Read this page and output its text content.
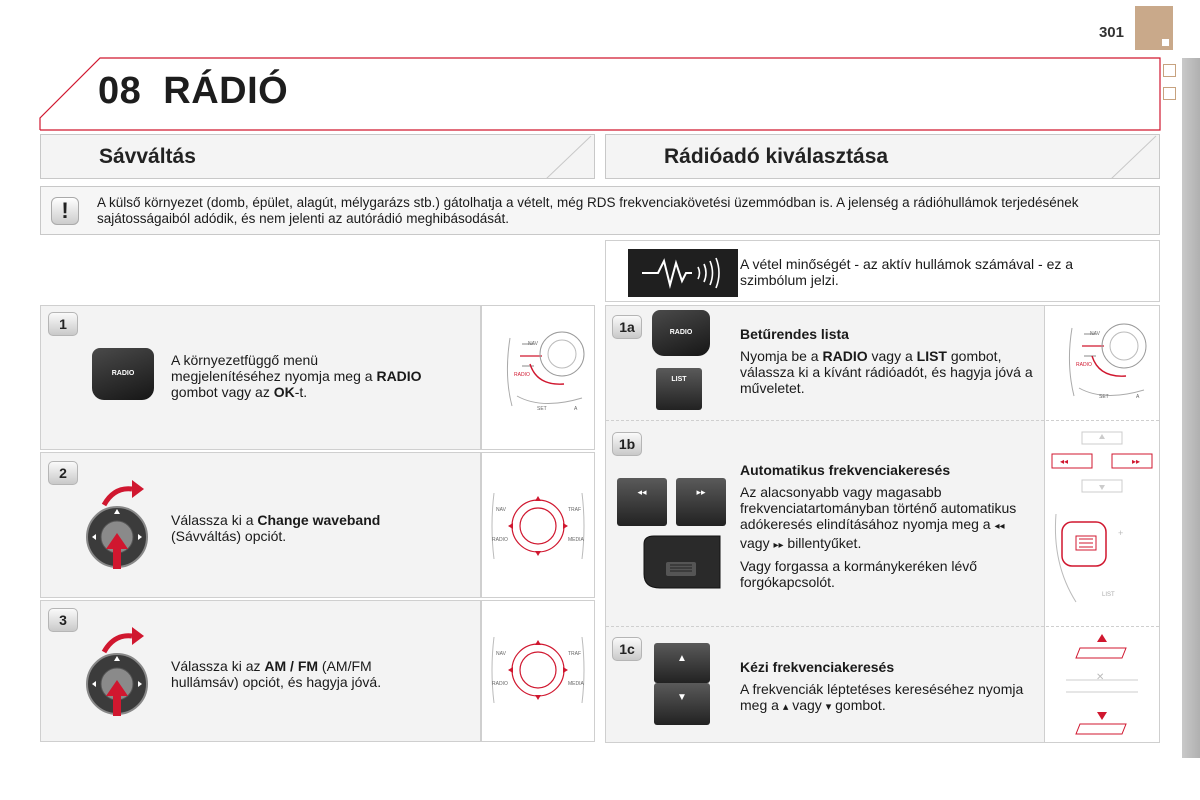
301
08 RÁDIÓ
Sávváltás	Rádióadó kiválasztása
!	A külső környezet (domb, épület, alagút, mélygarázs stb.) gátolhatja a vételt, még RDS frekvenciakövetési üzemmódban is. A jelenség a rádióhullámok terjedésének sajátosságaiból adódik, és nem jelenti az autórádió meghibásodását.
A vétel minőségét - az aktív hullámok számával - ez a szimbólum jelzi.
NAV
RADIO
SET	A
1
RADIO
A környezetfüggő menü megjelenítéséhez nyomja meg a RADIO gombot vagy az OK-t.
NAV	TRAF
RADIO	MEDIA
2
Válassza ki a Change waveband (Sávváltás) opciót.
NAV	TRAF
RADIO	MEDIA
3
Válassza ki az AM / FM (AM/FM hullámsáv) opciót, és hagyja jóvá.
1a	RADIO
LIST
Betűrendes lista

Nyomja be a RADIO vagy a LIST gombot, válassza ki a kívánt rádióadót, és hagyja jóvá a műveletet.
NAV
RADIO
SET	A
1b
◂◂	▸▸
Automatikus frekvenciakeresés
Az alacsonyabb vagy magasabb frekvenciatartományban történő automatikus adókeresés elindításához nyomja meg a ◂◂ vagy ▸▸ billentyűket.
Vagy forgassa a kormánykeréken lévő forgókapcsolót.
◂◂	▸▸
+
LIST
1c
▲
▼
Kézi frekvenciakeresés
A frekvenciák léptetéses kereséséhez nyomja meg a ▴ vagy ▾ gombot.
✕
